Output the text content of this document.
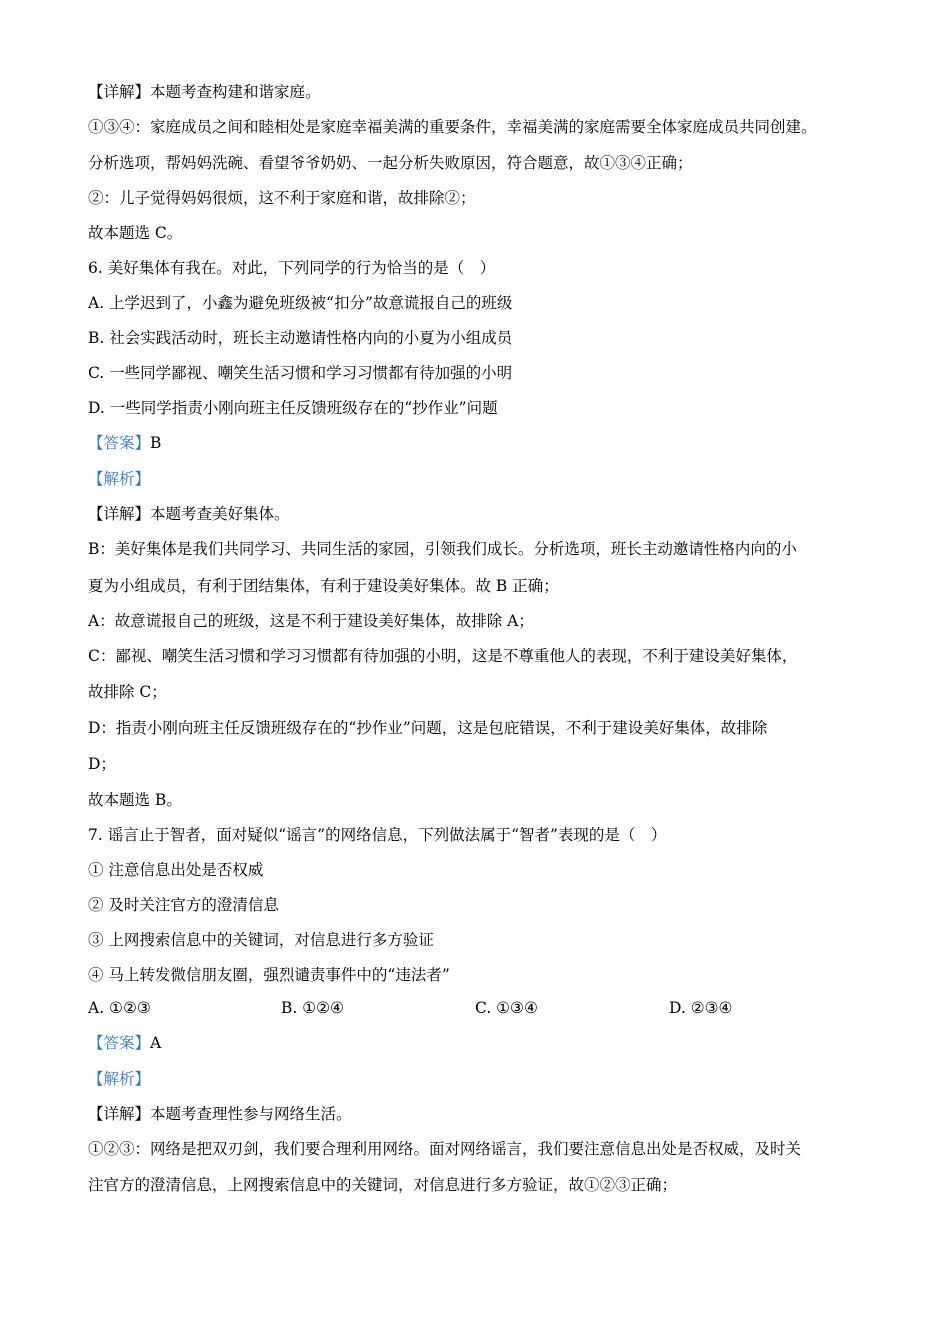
【详解】本题考查构建和谐家庭。
①③④：家庭成员之间和睦相处是家庭幸福美满的重要条件，幸福美满的家庭需要全体家庭成员共同创建。
分析选项，帮妈妈洗碗、看望爷爷奶奶、一起分析失败原因，符合题意，故①③④正确；
②：儿子觉得妈妈很烦，这不利于家庭和谐，故排除②；
故本题选 C。
6. 美好集体有我在。对此，下列同学的行为恰当的是（　）
A. 上学迟到了，小鑫为避免班级被“扣分”故意谎报自己的班级
B. 社会实践活动时，班长主动邀请性格内向的小夏为小组成员
C. 一些同学鄙视、嘲笑生活习惯和学习习惯都有待加强的小明
D. 一些同学指责小刚向班主任反馈班级存在的“抄作业”问题
【答案】B
【解析】
【详解】本题考查美好集体。
B：美好集体是我们共同学习、共同生活的家园，引领我们成长。分析选项，班长主动邀请性格内向的小
夏为小组成员，有利于团结集体，有利于建设美好集体。故 B 正确；
A：故意谎报自己的班级，这是不利于建设美好集体，故排除 A；
C：鄙视、嘲笑生活习惯和学习习惯都有待加强的小明，这是不尊重他人的表现，不利于建设美好集体，
故排除 C；
D：指责小刚向班主任反馈班级存在的“抄作业”问题，这是包庇错误，不利于建设美好集体，故排除
D；
故本题选 B。
7. 谣言止于智者，面对疑似“谣言”的网络信息，下列做法属于“智者”表现的是（　）
① 注意信息出处是否权威
② 及时关注官方的澄清信息
③ 上网搜索信息中的关键词，对信息进行多方验证
④ 马上转发微信朋友圈，强烈谴责事件中的“违法者”
A. ①②③	B. ①②④	C. ①③④	D. ②③④
【答案】A
【解析】
【详解】本题考查理性参与网络生活。
①②③：网络是把双刃剑，我们要合理利用网络。面对网络谣言，我们要注意信息出处是否权威，及时关
注官方的澄清信息，上网搜索信息中的关键词，对信息进行多方验证，故①②③正确；
